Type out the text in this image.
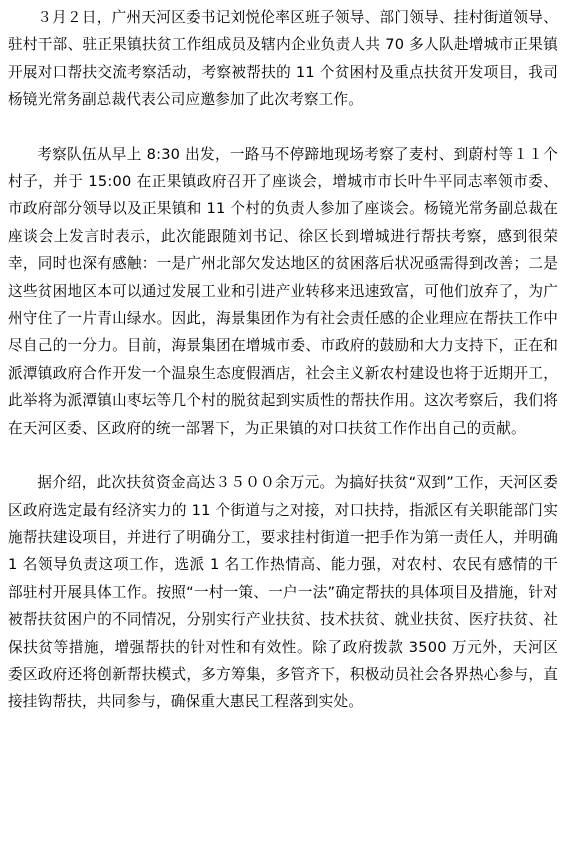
３月２日，广州天河区委书记刘悦伦率区班子领导、部门领导、挂村街道领导、驻村干部、驻正果镇扶贫工作组成员及辖内企业负责人共 70 多人队赴增城市正果镇开展对口帮扶交流考察活动，考察被帮扶的 11 个贫困村及重点扶贫开发项目，我司杨镜光常务副总裁代表公司应邀参加了此次考察工作。

考察队伍从早上 8:30 出发，一路马不停蹄地现场考察了麦村、到蔚村等１１个村子，并于 15:00 在正果镇政府召开了座谈会，增城市市长叶牛平同志率领市委、市政府部分领导以及正果镇和 11 个村的负责人参加了座谈会。杨镜光常务副总裁在座谈会上发言时表示，此次能跟随刘书记、徐区长到增城进行帮扶考察，感到很荣幸，同时也深有感触：一是广州北部欠发达地区的贫困落后状况亟需得到改善；二是这些贫困地区本可以通过发展工业和引进产业转移来迅速致富，可他们放弃了，为广州守住了一片青山绿水。因此，海景集团作为有社会责任感的企业理应在帮扶工作中尽自己的一分力。目前，海景集团在增城市委、市政府的鼓励和大力支持下，正在和派潭镇政府合作开发一个温泉生态度假酒店，社会主义新农村建设也将于近期开工，此举将为派潭镇山枣坛等几个村的脱贫起到实质性的帮扶作用。这次考察后，我们将在天河区委、区政府的统一部署下，为正果镇的对口扶贫工作作出自己的贡献。

据介绍，此次扶贫资金高达３５００余万元。为搞好扶贫“双到”工作，天河区委区政府选定最有经济实力的 11 个街道与之对接，对口扶持，指派区有关职能部门实施帮扶建设项目，并进行了明确分工，要求挂村街道一把手作为第一责任人，并明确 1 名领导负责这项工作，选派 1 名工作热情高、能力强，对农村、农民有感情的干部驻村开展具体工作。按照“一村一策、一户一法”确定帮扶的具体项目及措施，针对被帮扶贫困户的不同情况，分别实行产业扶贫、技术扶贫、就业扶贫、医疗扶贫、社保扶贫等措施，增强帮扶的针对性和有效性。除了政府拨款 3500 万元外，天河区委区政府还将创新帮扶模式，多方筹集，多管齐下，积极动员社会各界热心参与，直接挂钩帮扶，共同参与，确保重大惠民工程落到实处。
